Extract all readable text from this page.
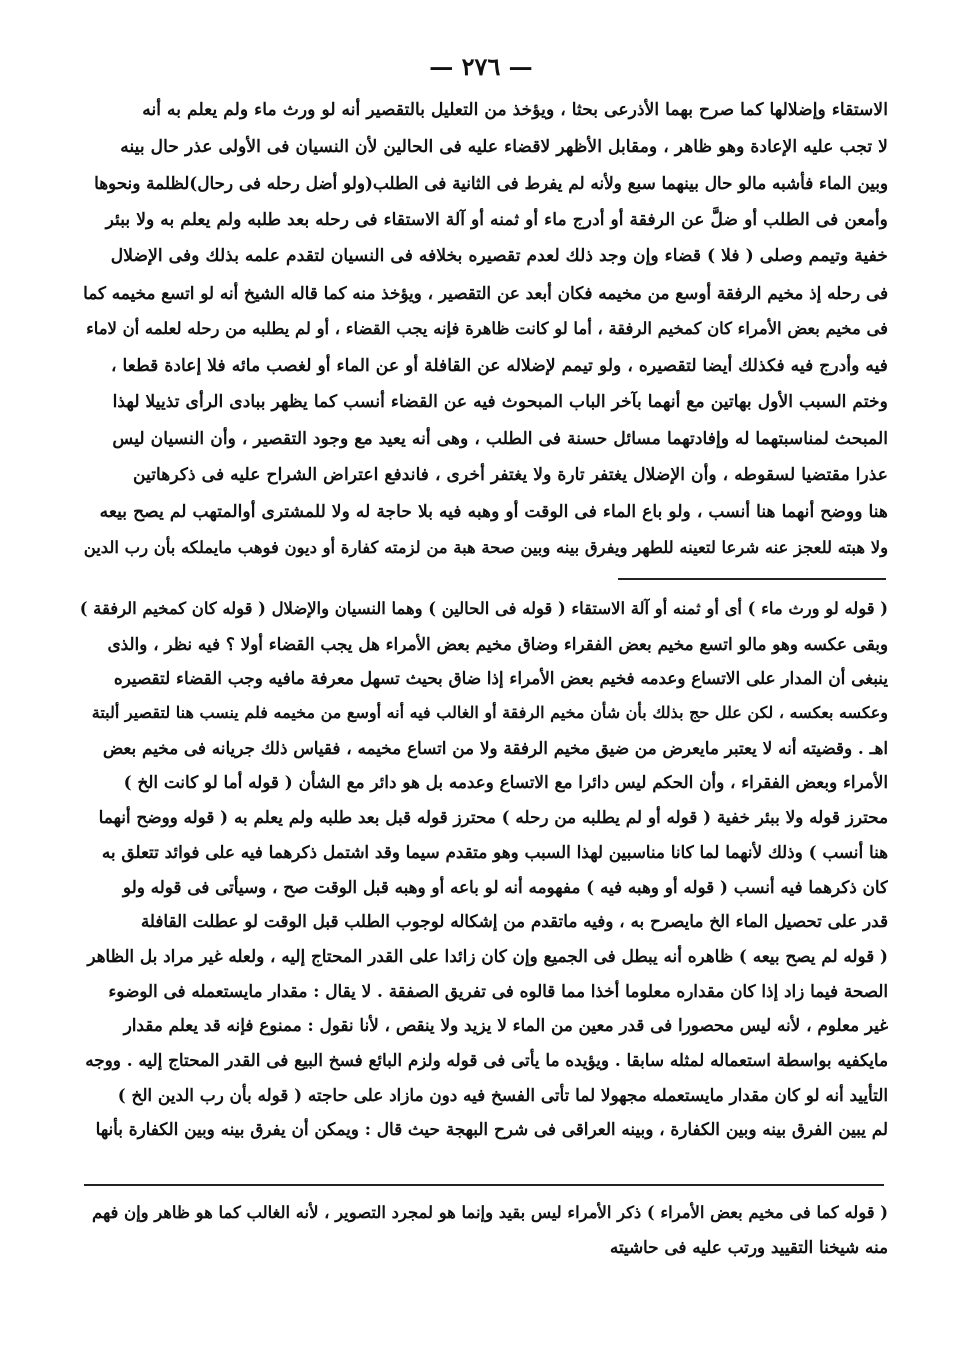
— ٢٧٦ —
الاستقاء وإضلالها كما صرح بهما الأذرعى بحثا ، ويؤخذ من التعليل بالتقصير أنه لو ورث ماء ولم يعلم به أنه
لا تجب عليه الإعادة وهو ظاهر ، ومقابل الأظهر لاقضاء عليه فى الحالين لأن النسيان فى الأولى عذر حال بينه
وبين الماء فأشبه مالو حال بينهما سبع ولأنه لم يفرط فى الثانية فى الطلب(ولو أضل رحله فى رحال)لظلمة ونحوها
وأمعن فى الطلب أو ضلَّ عن الرفقة أو أدرج ماء أو ثمنه أو آلة الاستقاء فى رحله بعد طلبه ولم يعلم به ولا ببئر
خفية وتيمم وصلى ( فلا ) قضاء وإن وجد ذلك لعدم تقصيره بخلافه فى النسيان لتقدم علمه بذلك وفى الإضلال
فى رحله إذ مخيم الرفقة أوسع من مخيمه فكان أبعد عن التقصير ، ويؤخذ منه كما قاله الشيخ أنه لو اتسع مخيمه كما
فى مخيم بعض الأمراء كان كمخيم الرفقة ، أما لو كانت ظاهرة فإنه يجب القضاء ، أو لم يطلبه من رحله لعلمه أن لاماء
فيه وأدرج فيه فكذلك أيضا لتقصيره ، ولو تيمم لإضلاله عن القافلة أو عن الماء أو لغصب مائه فلا إعادة قطعا ،
وختم السبب الأول بهاتين مع أنهما بآخر الباب المبحوث فيه عن القضاء أنسب كما يظهر ببادى الرأى تذييلا لهذا
المبحث لمناسبتهما له وإفادتهما مسائل حسنة فى الطلب ، وهى أنه يعيد مع وجود التقصير ، وأن النسيان ليس
عذرا مقتضيا لسقوطه ، وأن الإضلال يغتفر تارة ولا يغتفر أخرى ، فاندفع اعتراض الشراح عليه فى ذكرهاتين
هنا ووضح أنهما هنا أنسب ، ولو باع الماء فى الوقت أو وهبه فيه بلا حاجة له ولا للمشترى أوالمتهب لم يصح بيعه
ولا هبته للعجز عنه شرعا لتعينه للطهر ويفرق بينه وبين صحة هبة من لزمته كفارة أو ديون فوهب مايملكه بأن رب الدين
( قوله لو ورث ماء ) أى أو ثمنه أو آلة الاستقاء ( قوله فى الحالين ) وهما النسيان والإضلال ( قوله كان كمخيم الرفقة )
وبقى عكسه وهو مالو اتسع مخيم بعض الفقراء وضاق مخيم بعض الأمراء هل يجب القضاء أولا ؟ فيه نظر ، والذى
ينبغى أن المدار على الاتساع وعدمه فخيم بعض الأمراء إذا ضاق بحيث تسهل معرفة مافيه وجب القضاء لتقصيره
وعكسه بعكسه ، لكن علل حج بذلك بأن شأن مخيم الرفقة أو الغالب فيه أنه أوسع من مخيمه فلم ينسب هنا لتقصير ألبتة
اهـ . وقضيته أنه لا يعتبر مايعرض من ضيق مخيم الرفقة ولا من اتساع مخيمه ، فقياس ذلك جريانه فى مخيم بعض
الأمراء وبعض الفقراء ، وأن الحكم ليس دائرا مع الاتساع وعدمه بل هو دائر مع الشأن ( قوله أما لو كانت الخ )
محترز قوله ولا ببئر خفية ( قوله أو لم يطلبه من رحله ) محترز قوله قبل بعد طلبه ولم يعلم به ( قوله ووضح أنهما
هنا أنسب ) وذلك لأنهما لما كانا مناسبين لهذا السبب وهو متقدم سيما وقد اشتمل ذكرهما فيه على فوائد تتعلق به
كان ذكرهما فيه أنسب ( قوله أو وهبه فيه ) مفهومه أنه لو باعه أو وهبه قبل الوقت صح ، وسيأتى فى قوله ولو
قدر على تحصيل الماء الخ مايصرح به ، وفيه ماتقدم من إشكاله لوجوب الطلب قبل الوقت لو عطلت القافلة
( قوله لم يصح بيعه ) ظاهره أنه يبطل فى الجميع وإن كان زائدا على القدر المحتاج إليه ، ولعله غير مراد بل الظاهر
الصحة فيما زاد إذا كان مقداره معلوما أخذا مما قالوه فى تفريق الصفقة . لا يقال : مقدار مايستعمله فى الوضوء
غير معلوم ، لأنه ليس محصورا فى قدر معين من الماء لا يزيد ولا ينقص ، لأنا نقول : ممنوع فإنه قد يعلم مقدار
مايكفيه بواسطة استعماله لمثله سابقا . ويؤيده ما يأتى فى قوله ولزم البائع فسخ البيع فى القدر المحتاج إليه . ووجه
التأييد أنه لو كان مقدار مايستعمله مجهولا لما تأتى الفسخ فيه دون مازاد على حاجته ( قوله بأن رب الدين الخ )
لم يبين الفرق بينه وبين الكفارة ، وبينه العراقى فى شرح البهجة حيث قال : ويمكن أن يفرق بينه وبين الكفارة بأنها
( قوله كما فى مخيم بعض الأمراء ) ذكر الأمراء ليس بقيد وإنما هو لمجرد التصوير ، لأنه الغالب كما هو ظاهر وإن فهم
منه شيخنا التقييد ورتب عليه فى حاشيته
